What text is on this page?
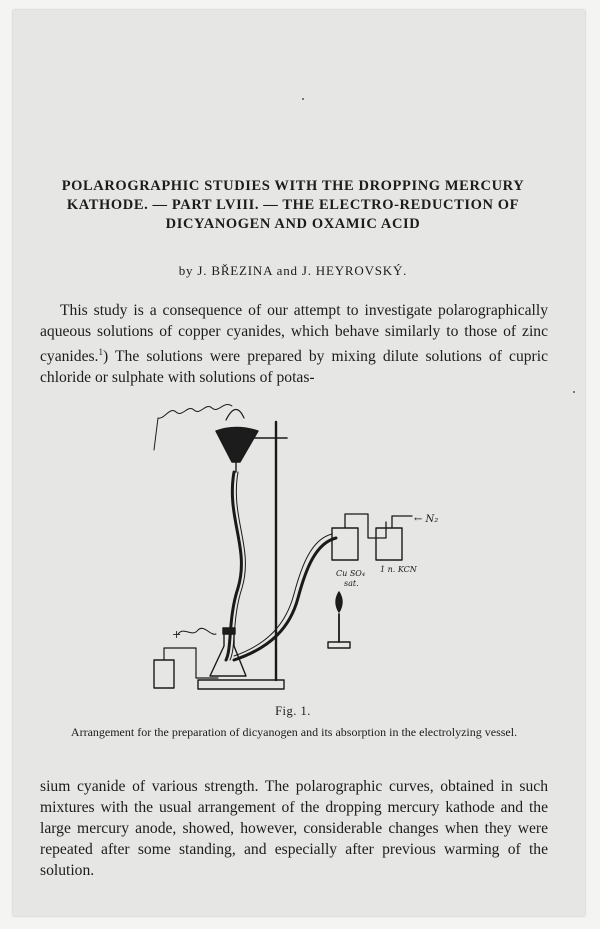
POLAROGRAPHIC STUDIES WITH THE DROPPING MERCURY KATHODE. — PART LVIII. — THE ELECTRO-REDUCTION OF DICYANOGEN AND OXAMIC ACID

by J. BŘEZINA and J. HEYROVSKÝ.

This study is a consequence of our attempt to investigate polarographically aqueous solutions of copper cyanides, which behave similarly to those of zinc cyanides.$^1$) The solutions were prepared by mixing dilute solutions of cupric chloride or sulphate with solutions of potas-

← N₂
Cu SO₄
sat.
1 n. KCN
+

Fig. 1.

Arrangement for the preparation of dicyanogen and its absorption in the electrolyzing vessel.

sium cyanide of various strength. The polarographic curves, obtained in such mixtures with the usual arrangement of the dropping mercury kathode and the large mercury anode, showed, however, considerable changes when they were repeated after some standing, and especially after previous warming of the solution.
